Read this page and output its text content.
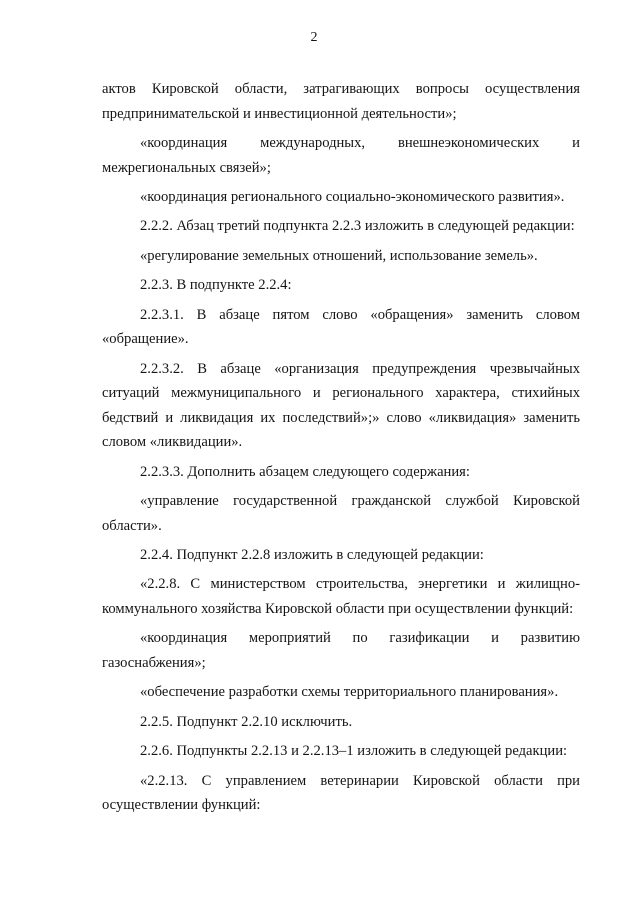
2

актов Кировской области, затрагивающих вопросы осуществления предпринимательской и инвестиционной деятельности»;

«координация международных, внешнеэкономических и межрегиональных связей»;

«координация регионального социально-экономического развития».

2.2.2. Абзац третий подпункта 2.2.3 изложить в следующей редакции:

«регулирование земельных отношений, использование земель».

2.2.3. В подпункте 2.2.4:

2.2.3.1. В абзаце пятом слово «обращения» заменить словом «обращение».

2.2.3.2. В абзаце «организация предупреждения чрезвычайных ситуаций межмуниципального и регионального характера, стихийных бедствий и ликвидация их последствий»;» слово «ликвидация» заменить словом «ликвидации».

2.2.3.3. Дополнить абзацем следующего содержания:

«управление государственной гражданской службой Кировской области».

2.2.4. Подпункт 2.2.8 изложить в следующей редакции:

«2.2.8. С министерством строительства, энергетики и жилищно-коммунального хозяйства Кировской области при осуществлении функций:

«координация мероприятий по газификации и развитию газоснабжения»;

«обеспечение разработки схемы территориального планирования».

2.2.5. Подпункт 2.2.10 исключить.

2.2.6. Подпункты 2.2.13 и 2.2.13–1 изложить в следующей редакции:

«2.2.13. С управлением ветеринарии Кировской области при осуществлении функций:
